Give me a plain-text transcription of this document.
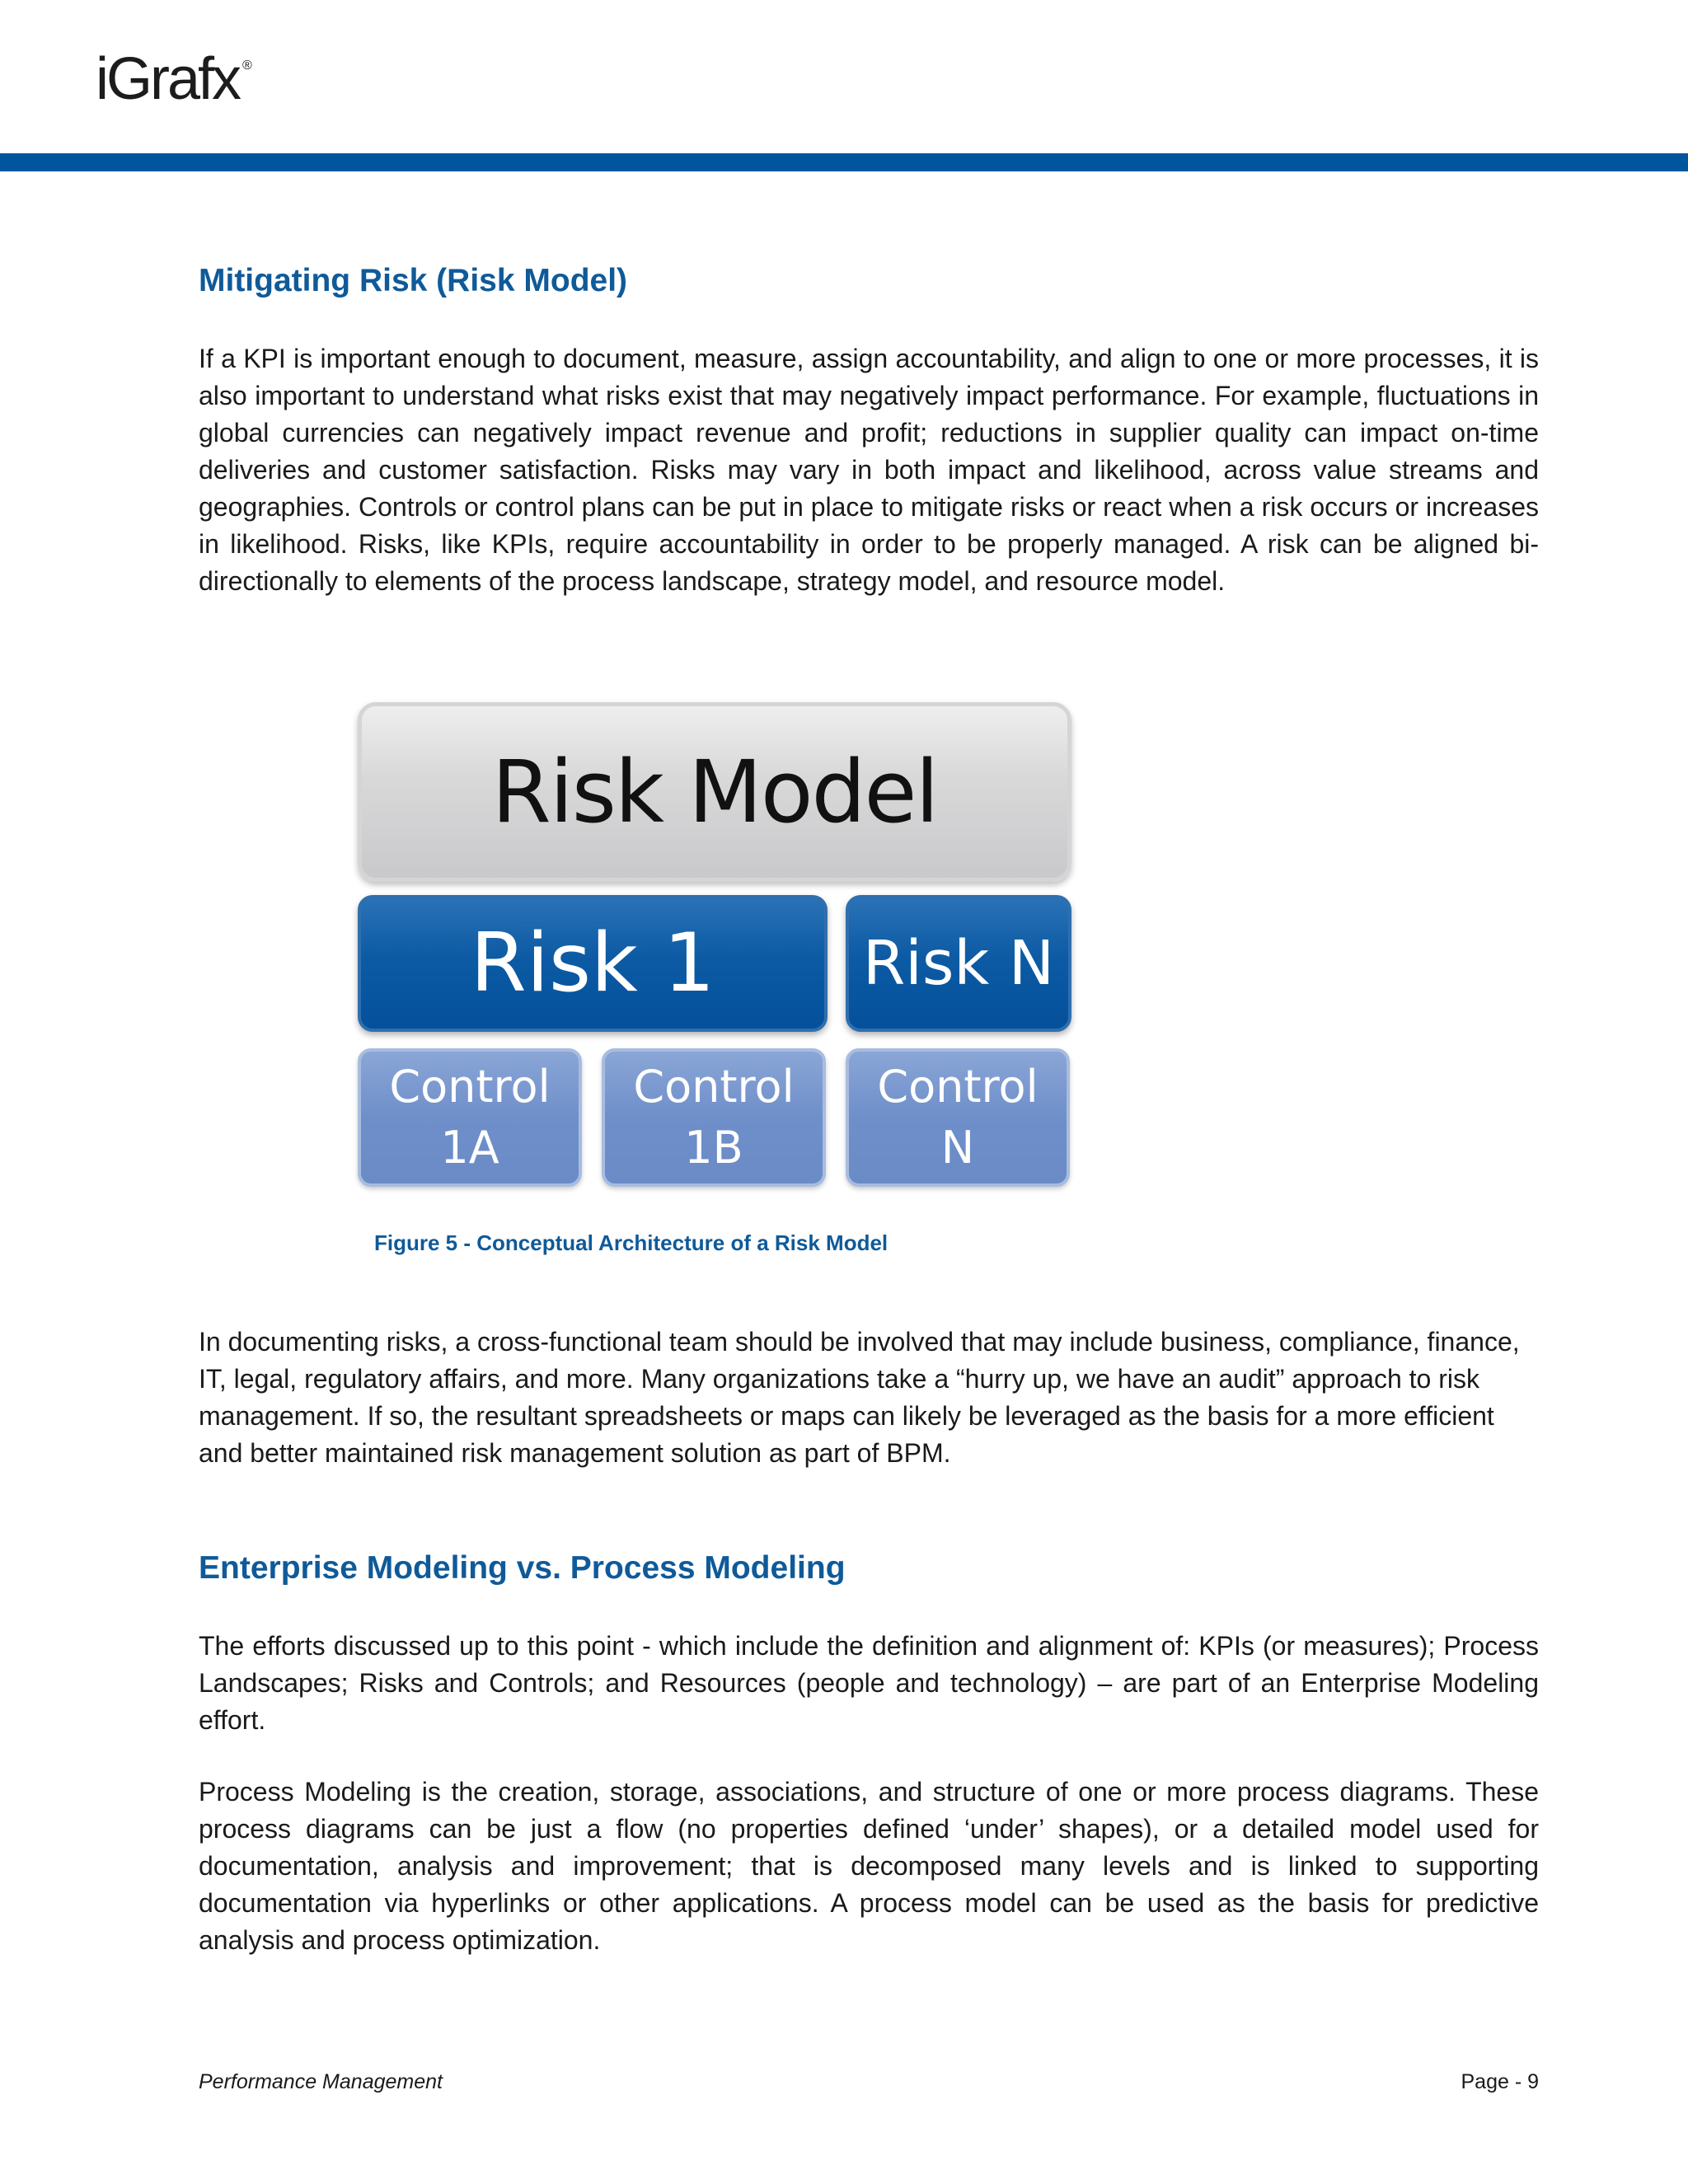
iGrafx ®
Mitigating Risk (Risk Model)

If a KPI is important enough to document, measure, assign accountability, and align to one or more processes, it is also important to understand what risks exist that may negatively impact performance. For example, fluctuations in global currencies can negatively impact revenue and profit; reductions in supplier quality can impact on-time deliveries and customer satisfaction. Risks may vary in both impact and likelihood, across value streams and geographies. Controls or control plans can be put in place to mitigate risks or react when a risk occurs or increases in likelihood. Risks, like KPIs, require accountability in order to be properly managed. A risk can be aligned bi-directionally to elements of the process landscape, strategy model, and resource model.

Risk Model
Risk 1 Risk N
Control
1A
Control
1B
Control
N
Figure 5 - Conceptual Architecture of a Risk Model

In documenting risks, a cross-functional team should be involved that may include business, compliance, finance, IT, legal, regulatory affairs, and more. Many organizations take a “hurry up, we have an audit” approach to risk management. If so, the resultant spreadsheets or maps can likely be leveraged as the basis for a more efficient and better maintained risk management solution as part of BPM.

Enterprise Modeling vs. Process Modeling

The efforts discussed up to this point - which include the definition and alignment of: KPIs (or measures); Process Landscapes; Risks and Controls; and Resources (people and technology) – are part of an Enterprise Modeling effort.

Process Modeling is the creation, storage, associations, and structure of one or more process diagrams. These process diagrams can be just a flow (no properties defined ‘under’ shapes), or a detailed model used for documentation, analysis and improvement; that is decomposed many levels and is linked to supporting documentation via hyperlinks or other applications. A process model can be used as the basis for predictive analysis and process optimization.

Performance Management	Page - 9
